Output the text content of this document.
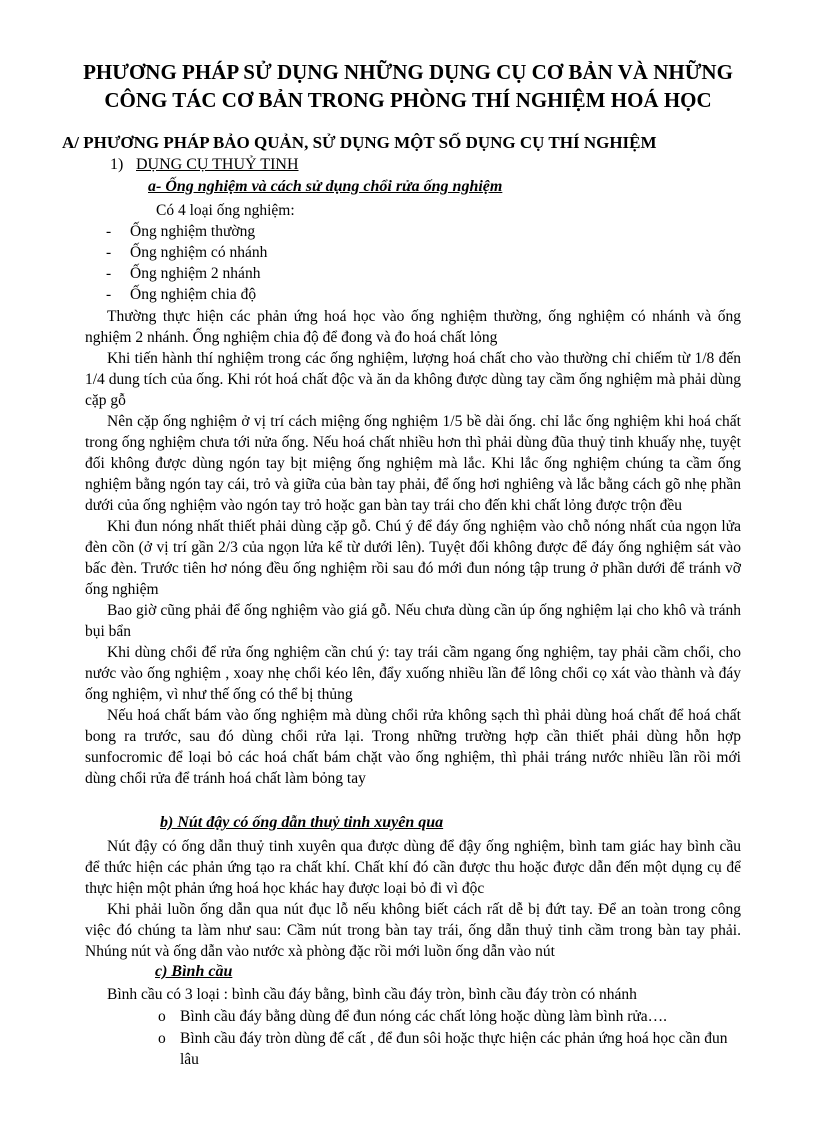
PHƯƠNG PHÁP SỬ DỤNG NHỮNG DỤNG CỤ CƠ BẢN VÀ NHỮNG
CÔNG TÁC CƠ BẢN TRONG PHÒNG THÍ NGHIỆM HOÁ HỌC
A/ PHƯƠNG PHÁP BẢO QUẢN, SỬ DỤNG MỘT SỐ DỤNG CỤ THÍ NGHIỆM
1) DỤNG CỤ THUỶ TINH
a- Ống nghiệm và cách sử dụng chổi rửa ống nghiệm
Có 4 loại ống nghiệm:
- Ống nghiệm thường
- Ống nghiệm có nhánh
- Ống nghiệm 2 nhánh
- Ống nghiệm chia độ

Thường thực hiện các phản ứng hoá học vào ống nghiệm thường, ống nghiệm có nhánh và ống nghiệm 2 nhánh. Ống nghiệm chia độ để đong và đo hoá chất lỏng

Khi tiến hành thí nghiệm trong các ống nghiệm, lượng hoá chất cho vào thường chỉ chiếm từ 1/8 đến 1/4 dung tích của ống. Khi rót hoá chất độc và ăn da không được dùng tay cầm ống nghiệm mà phải dùng cặp gỗ

Nên cặp ống nghiệm ở vị trí cách miệng ống nghiệm 1/5 bề dài ống. chỉ lắc ống nghiệm khi hoá chất trong ống nghiệm chưa tới nửa ống. Nếu hoá chất nhiều hơn thì phải dùng đũa thuỷ tinh khuấy nhẹ, tuyệt đối không được dùng ngón tay bịt miệng ống nghiệm mà lắc. Khi lắc ống nghiệm chúng ta cầm ống nghiệm bằng ngón tay cái, trỏ và giữa của bàn tay phải, để ống hơi nghiêng và lắc bằng cách gõ nhẹ phần dưới của ống nghiệm vào ngón tay trỏ hoặc gan bàn tay trái cho đến khi chất lỏng được trộn đều

Khi đun nóng nhất thiết phải dùng cặp gỗ. Chú ý để đáy ống nghiệm vào chỗ nóng nhất của ngọn lửa đèn cồn (ở vị trí gần 2/3 của ngọn lửa kể từ dưới lên). Tuyệt đối không được để đáy ống nghiệm sát vào bấc đèn. Trước tiên hơ nóng đều ống nghiệm rồi sau đó mới đun nóng tập trung ở phần dưới để tránh vỡ ống nghiệm

Bao giờ cũng phải để ống nghiệm vào giá gỗ. Nếu chưa dùng cần úp ống nghiệm lại cho khô và tránh bụi bẩn

Khi dùng chổi để rửa ống nghiệm cần chú ý: tay trái cầm ngang ống nghiệm, tay phải cầm chổi, cho nước vào ống nghiệm , xoay nhẹ chổi kéo lên, đẩy xuống nhiều lần để lông chổi cọ xát vào thành và đáy ống nghiệm, vì như thế ống có thể bị thủng

Nếu hoá chất bám vào ống nghiệm mà dùng chổi rửa không sạch thì phải dùng hoá chất để hoá chất bong ra trước, sau đó dùng chổi rửa lại. Trong những trường hợp cần thiết phải dùng hỗn hợp sunfocromic để loại bỏ các hoá chất bám chặt vào ống nghiệm, thì phải tráng nước nhiều lần rồi mới dùng chổi rửa để tránh hoá chất làm bỏng tay

b) Nút đậy có ống dẫn thuỷ tinh xuyên qua

Nút đậy có ống dẫn thuỷ tinh xuyên qua được dùng để đậy ống nghiệm, bình tam giác hay bình cầu để thức hiện các phản ứng tạo ra chất khí. Chất khí đó cần được thu hoặc được dẫn đến một dụng cụ để thực hiện một phản ứng hoá học khác hay được loại bỏ đi vì độc

Khi phải luồn ống dẫn qua nút đục lỗ nếu không biết cách rất dễ bị đứt tay. Để an toàn trong công việc đó chúng ta làm như sau: Cầm nút trong bàn tay trái, ống dẫn thuỷ tinh cầm trong bàn tay phải. Nhúng nút và ống dẫn vào nước xà phòng đặc rồi mới luồn ống dẫn vào nút

c) Bình cầu
Bình cầu có 3 loại : bình cầu đáy bằng, bình cầu đáy tròn, bình cầu đáy tròn có nhánh
o Bình cầu đáy bằng dùng để đun nóng các chất lỏng hoặc dùng làm bình rửa….
o Bình cầu đáy tròn dùng để cất , để đun sôi hoặc thực hiện các phản ứng hoá học cần đun lâu
